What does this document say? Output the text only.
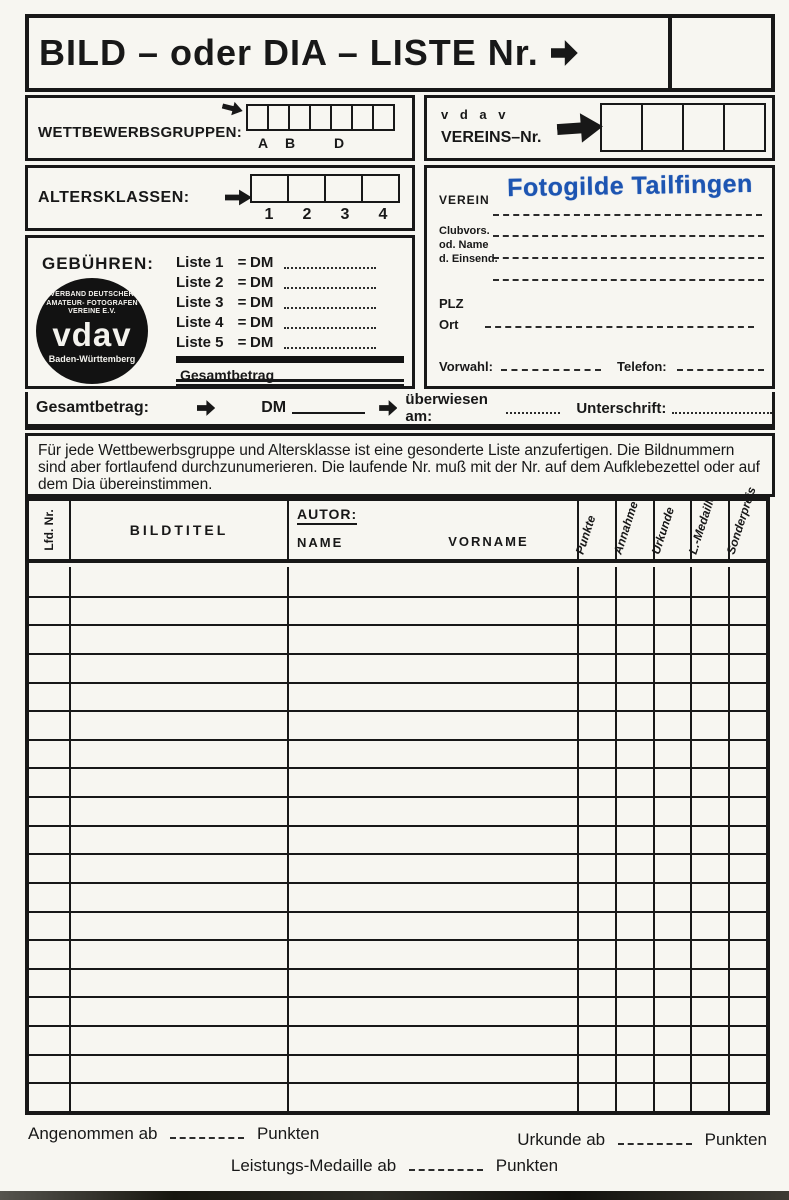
BILD – oder DIA – LISTE Nr.
WETTBEWERBSGRUPPEN:
A B	D
v d a v
VEREINS–Nr.
ALTERSKLASSEN:
1	2	3	4
VEREIN Fotogilde Tailfingen
Clubvors.
od. Name
d. Einsend.
PLZ
Ort
Vorwahl:	Telefon:
GEBÜHREN:
VERBAND DEUTSCHER
AMATEUR- FOTOGRAFEN
VEREINE E.V.
vdav
Baden-Württemberg
Liste 1 = DM
Liste 2 = DM
Liste 3 = DM
Liste 4 = DM
Liste 5 = DM
Gesamtbetrag
Gesamtbetrag:	DM	überwiesen am:	Unterschrift:
Für jede Wettbewerbsgruppe und Altersklasse ist eine gesonderte Liste anzufertigen. Die Bildnummern sind aber fortlaufend durchzunumerieren. Die laufende Nr. muß mit der Nr. auf dem Aufklebezettel oder auf dem Dia übereinstimmen.
Lfd. Nr.	BILDTITEL
AUTOR:
NAME	VORNAME	Punkte Annahme Urkunde L.-Medaille Sonderpreis
Angenommen ab	Punkten	Urkunde ab	Punkten
Leistungs-Medaille ab	Punkten
